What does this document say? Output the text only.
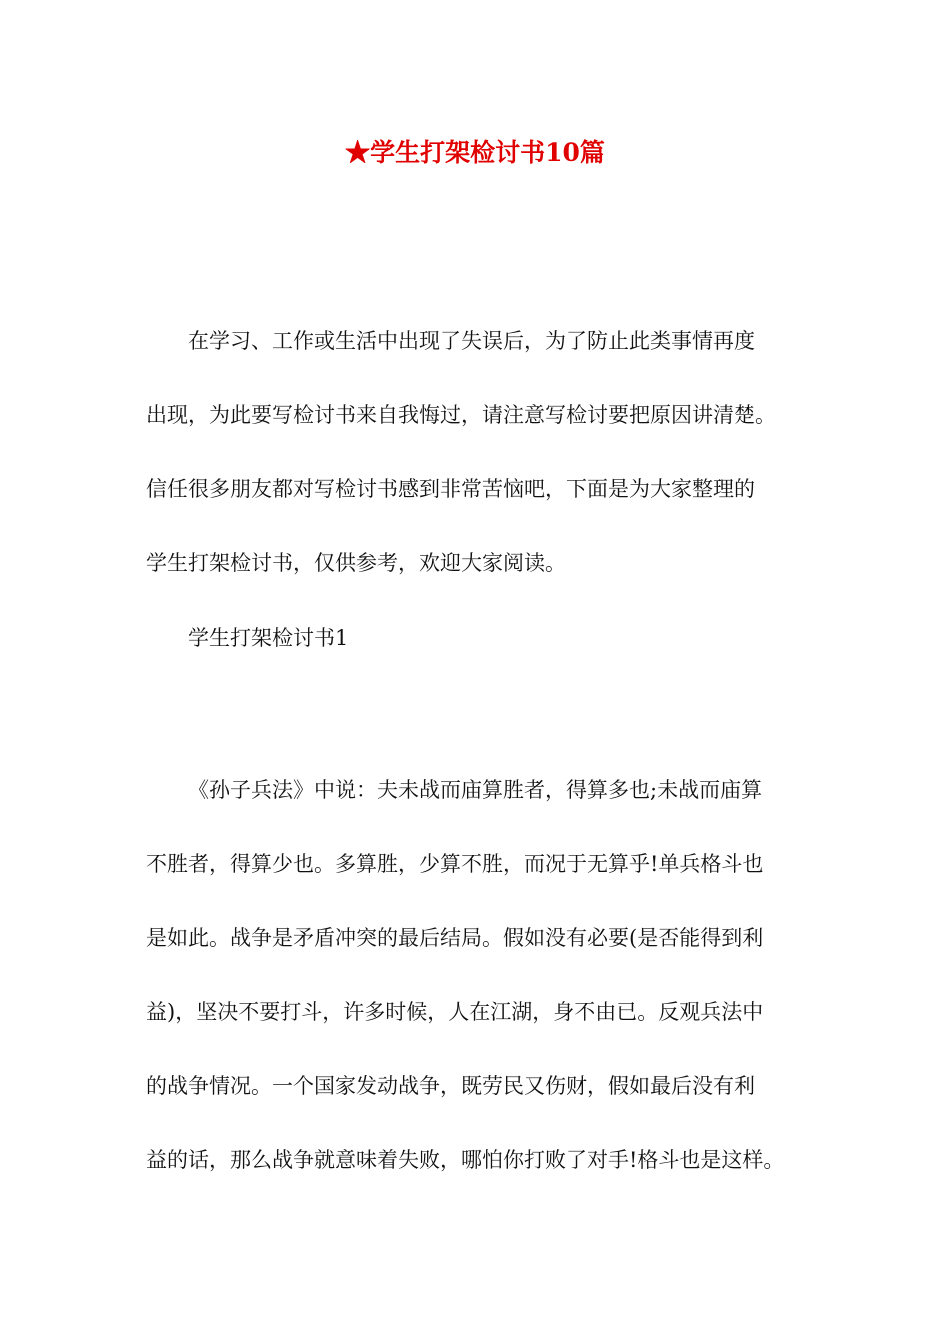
★学生打架检讨书10篇
在学习、工作或生活中出现了失误后，为了防止此类事情再度
出现，为此要写检讨书来自我悔过，请注意写检讨要把原因讲清楚。
信任很多朋友都对写检讨书感到非常苦恼吧，下面是为大家整理的
学生打架检讨书，仅供参考，欢迎大家阅读。
学生打架检讨书1
《孙子兵法》中说：夫未战而庙算胜者，得算多也;未战而庙算
不胜者，得算少也。多算胜，少算不胜，而况于无算乎!单兵格斗也
是如此。战争是矛盾冲突的最后结局。假如没有必要(是否能得到利
益)，坚决不要打斗，许多时候，人在江湖，身不由已。反观兵法中
的战争情况。一个国家发动战争，既劳民又伤财，假如最后没有利
益的话，那么战争就意味着失败，哪怕你打败了对手!格斗也是这样。
